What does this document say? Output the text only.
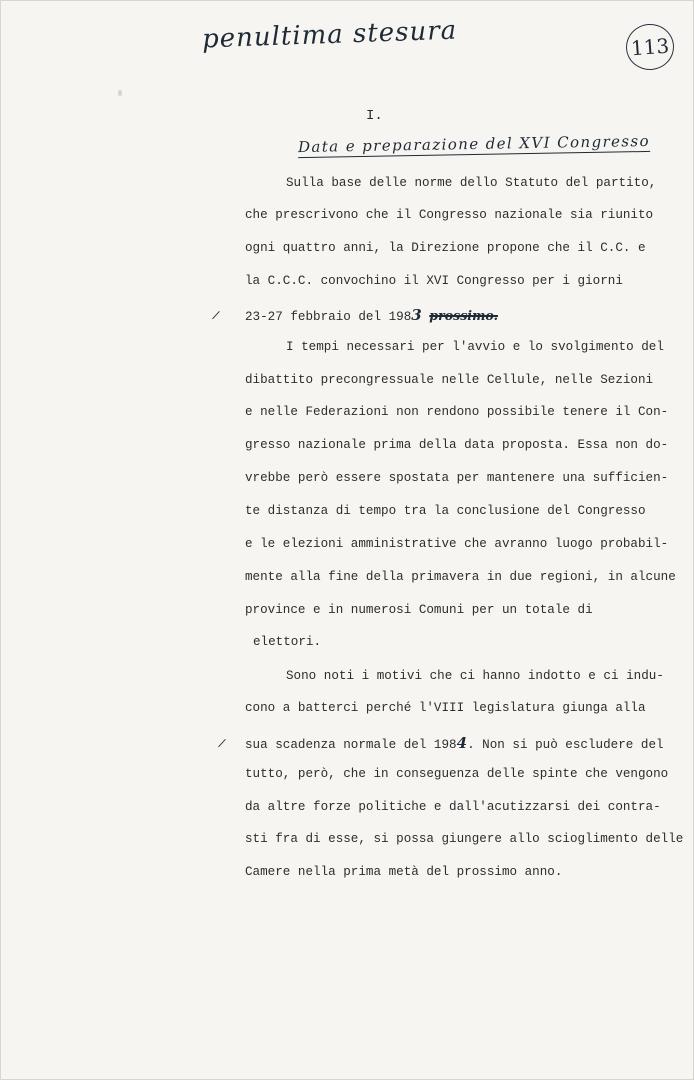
penultima stesura	113
I.
Data e preparazione del XVI Congresso
Sulla base delle norme dello Statuto del partito,
che prescrivono che il Congresso nazionale sia riunito
ogni quattro anni, la Direzione propone che il C.C. e
la C.C.C. convochino il XVI Congresso per i giorni
23-27 febbraio del 1983 prossimo.
I tempi necessari per l'avvio e lo svolgimento del
dibattito precongressuale nelle Cellule, nelle Sezioni
e nelle Federazioni non rendono possibile tenere il Con-
gresso nazionale prima della data proposta. Essa non do-
vrebbe però essere spostata per mantenere una sufficien-
te distanza di tempo tra la conclusione del Congresso
e le elezioni amministrative che avranno luogo probabil-
mente alla fine della primavera in due regioni, in alcune
province e in numerosi Comuni per un totale di
elettori.
Sono noti i motivi che ci hanno indotto e ci indu-
cono a batterci perché l'VIII legislatura giunga alla
sua scadenza normale del 1984. Non si può escludere del
tutto, però, che in conseguenza delle spinte che vengono
da altre forze politiche e dall'acutizzarsi dei contra-
sti fra di esse, si possa giungere allo scioglimento delle
Camere nella prima metà del prossimo anno.
/
/
